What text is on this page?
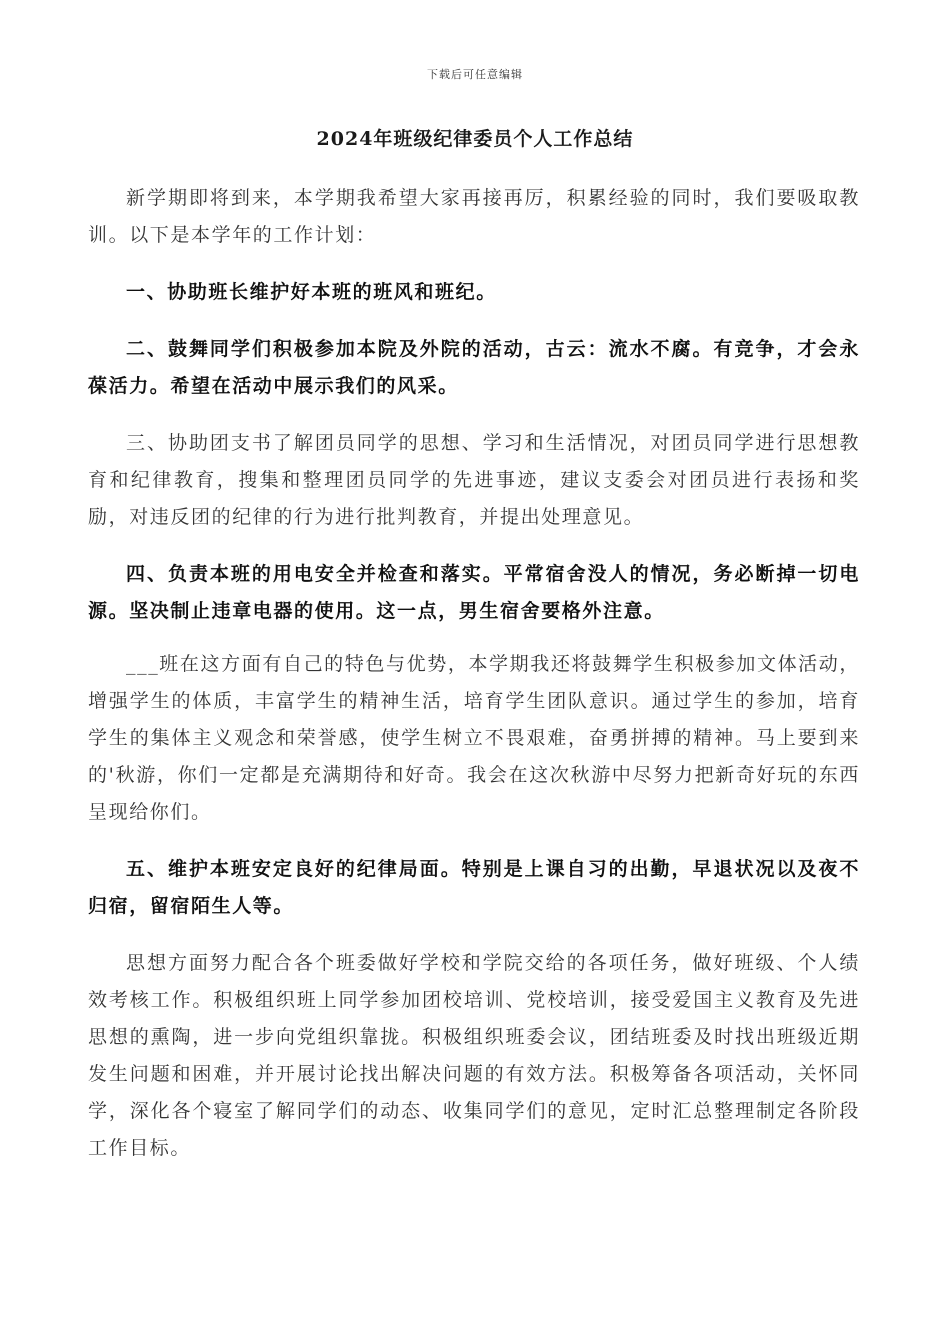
下载后可任意编辑
2024年班级纪律委员个人工作总结

新学期即将到来，本学期我希望大家再接再厉，积累经验的同时，我们要吸取教训。以下是本学年的工作计划：

一、协助班长维护好本班的班风和班纪。

二、鼓舞同学们积极参加本院及外院的活动，古云：流水不腐。有竞争，才会永葆活力。希望在活动中展示我们的风采。

三、协助团支书了解团员同学的思想、学习和生活情况，对团员同学进行思想教育和纪律教育，搜集和整理团员同学的先进事迹，建议支委会对团员进行表扬和奖励，对违反团的纪律的行为进行批判教育，并提出处理意见。

四、负责本班的用电安全并检查和落实。平常宿舍没人的情况，务必断掉一切电源。坚决制止违章电器的使用。这一点，男生宿舍要格外注意。

___班在这方面有自己的特色与优势，本学期我还将鼓舞学生积极参加文体活动，增强学生的体质，丰富学生的精神生活，培育学生团队意识。通过学生的参加，培育学生的集体主义观念和荣誉感，使学生树立不畏艰难，奋勇拼搏的精神。马上要到来的'秋游，你们一定都是充满期待和好奇。我会在这次秋游中尽努力把新奇好玩的东西呈现给你们。

五、维护本班安定良好的纪律局面。特别是上课自习的出勤，早退状况以及夜不归宿，留宿陌生人等。

思想方面努力配合各个班委做好学校和学院交给的各项任务，做好班级、个人绩效考核工作。积极组织班上同学参加团校培训、党校培训，接受爱国主义教育及先进思想的熏陶，进一步向党组织靠拢。积极组织班委会议，团结班委及时找出班级近期发生问题和困难，并开展讨论找出解决问题的有效方法。积极筹备各项活动，关怀同学，深化各个寝室了解同学们的动态、收集同学们的意见，定时汇总整理制定各阶段工作目标。
